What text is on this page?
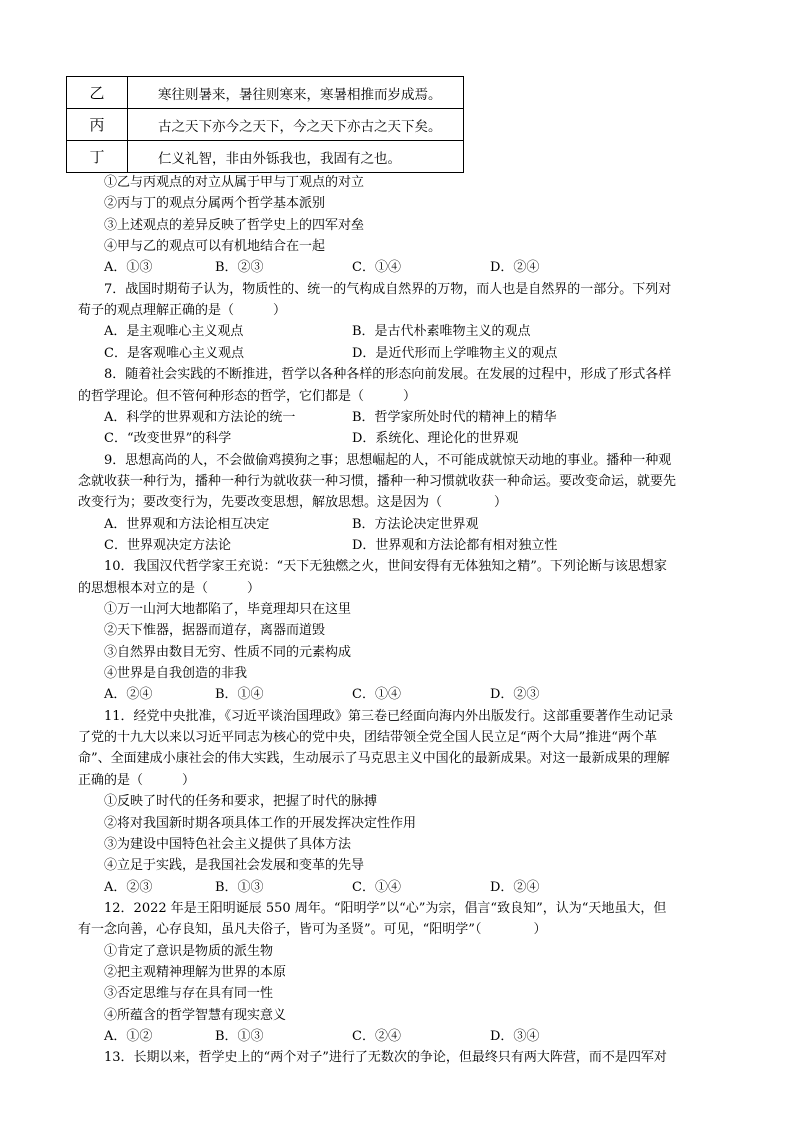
乙	寒往则暑来，暑往则寒来，寒暑相推而岁成焉。
丙	古之天下亦今之天下，今之天下亦古之天下矣。
丁	仁义礼智，非由外铄我也，我固有之也。
①乙与丙观点的对立从属于甲与丁观点的对立
②丙与丁的观点分属两个哲学基本派别
③上述观点的差异反映了哲学史上的四军对垒
④甲与乙的观点可以有机地结合在一起
A．①③	B．②③	C．①④	D．②④
7．战国时期荀子认为，物质性的、统一的气构成自然界的万物，而人也是自然界的一部分。下列对
荀子的观点理解正确的是（　　　）
A．是主观唯心主义观点	B．是古代朴素唯物主义的观点
C．是客观唯心主义观点	D．是近代形而上学唯物主义的观点
8．随着社会实践的不断推进，哲学以各种各样的形态向前发展。在发展的过程中，形成了形式各样
的哲学理论。但不管何种形态的哲学，它们都是（　　　）
A．科学的世界观和方法论的统一	B．哲学家所处时代的精神上的精华
C．“改变世界”的科学	D．系统化、理论化的世界观
9．思想高尚的人，不会做偷鸡摸狗之事；思想崛起的人，不可能成就惊天动地的事业。播种一种观
念就收获一种行为，播种一种行为就收获一种习惯，播种一种习惯就收获一种命运。要改变命运，就要先
改变行为；要改变行为，先要改变思想，解放思想。这是因为（　　　　）
A．世界观和方法论相互决定	B．方法论决定世界观
C．世界观决定方法论	D．世界观和方法论都有相对独立性
10．我国汉代哲学家王充说：“天下无独燃之火，世间安得有无体独知之精”。下列论断与该思想家
的思想根本对立的是（　　　）
①万一山河大地都陷了，毕竟理却只在这里
②天下惟器，据器而道存，离器而道毁
③自然界由数目无穷、性质不同的元素构成
④世界是自我创造的非我
A．②④	B．①④	C．①④	D．②③
11．经党中央批准，《习近平谈治国理政》第三卷已经面向海内外出版发行。这部重要著作生动记录
了党的十九大以来以习近平同志为核心的党中央，团结带领全党全国人民立足“两个大局”推进“两个革
命”、全面建成小康社会的伟大实践，生动展示了马克思主义中国化的最新成果。对这一最新成果的理解
正确的是（　　　）
①反映了时代的任务和要求，把握了时代的脉搏
②将对我国新时期各项具体工作的开展发挥决定性作用
③为建设中国特色社会主义提供了具体方法
④立足于实践，是我国社会发展和变革的先导
A．②③	B．①③	C．①④	D．②④
12．2022 年是王阳明诞辰 550 周年。“阳明学”以“心”为宗，倡言“致良知”，认为“天地虽大，但
有一念向善，心存良知，虽凡夫俗子，皆可为圣贤”。可见，“阳明学”（　　　　）
①肯定了意识是物质的派生物
②把主观精神理解为世界的本原
③否定思维与存在具有同一性
④所蕴含的哲学智慧有现实意义
A．①②	B．①③	C．②④	D．③④
13．长期以来，哲学史上的“两个对子”进行了无数次的争论，但最终只有两大阵营，而不是四军对
